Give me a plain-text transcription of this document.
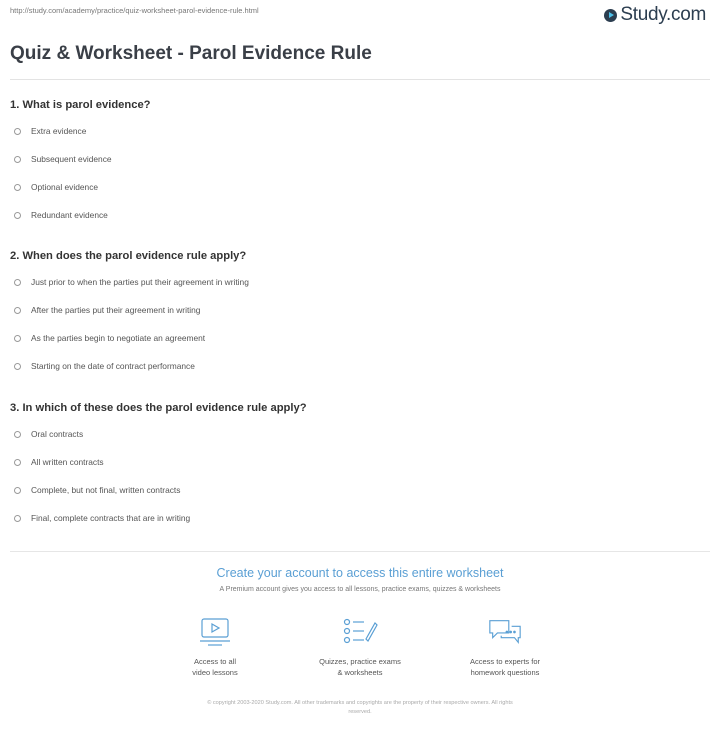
http://study.com/academy/practice/quiz-worksheet-parol-evidence-rule.html	Study.com
Quiz & Worksheet - Parol Evidence Rule
1. What is parol evidence?
Extra evidence
Subsequent evidence
Optional evidence
Redundant evidence
2. When does the parol evidence rule apply?
Just prior to when the parties put their agreement in writing
After the parties put their agreement in writing
As the parties begin to negotiate an agreement
Starting on the date of contract performance
3. In which of these does the parol evidence rule apply?
Oral contracts
All written contracts
Complete, but not final, written contracts
Final, complete contracts that are in writing
Create your account to access this entire worksheet
A Premium account gives you access to all lessons, practice exams, quizzes & worksheets
Access to all
video lessons
Quizzes, practice exams
& worksheets
Access to experts for
homework questions
© copyright 2003-2020 Study.com. All other trademarks and copyrights are the property of their respective owners. All rights
reserved.
